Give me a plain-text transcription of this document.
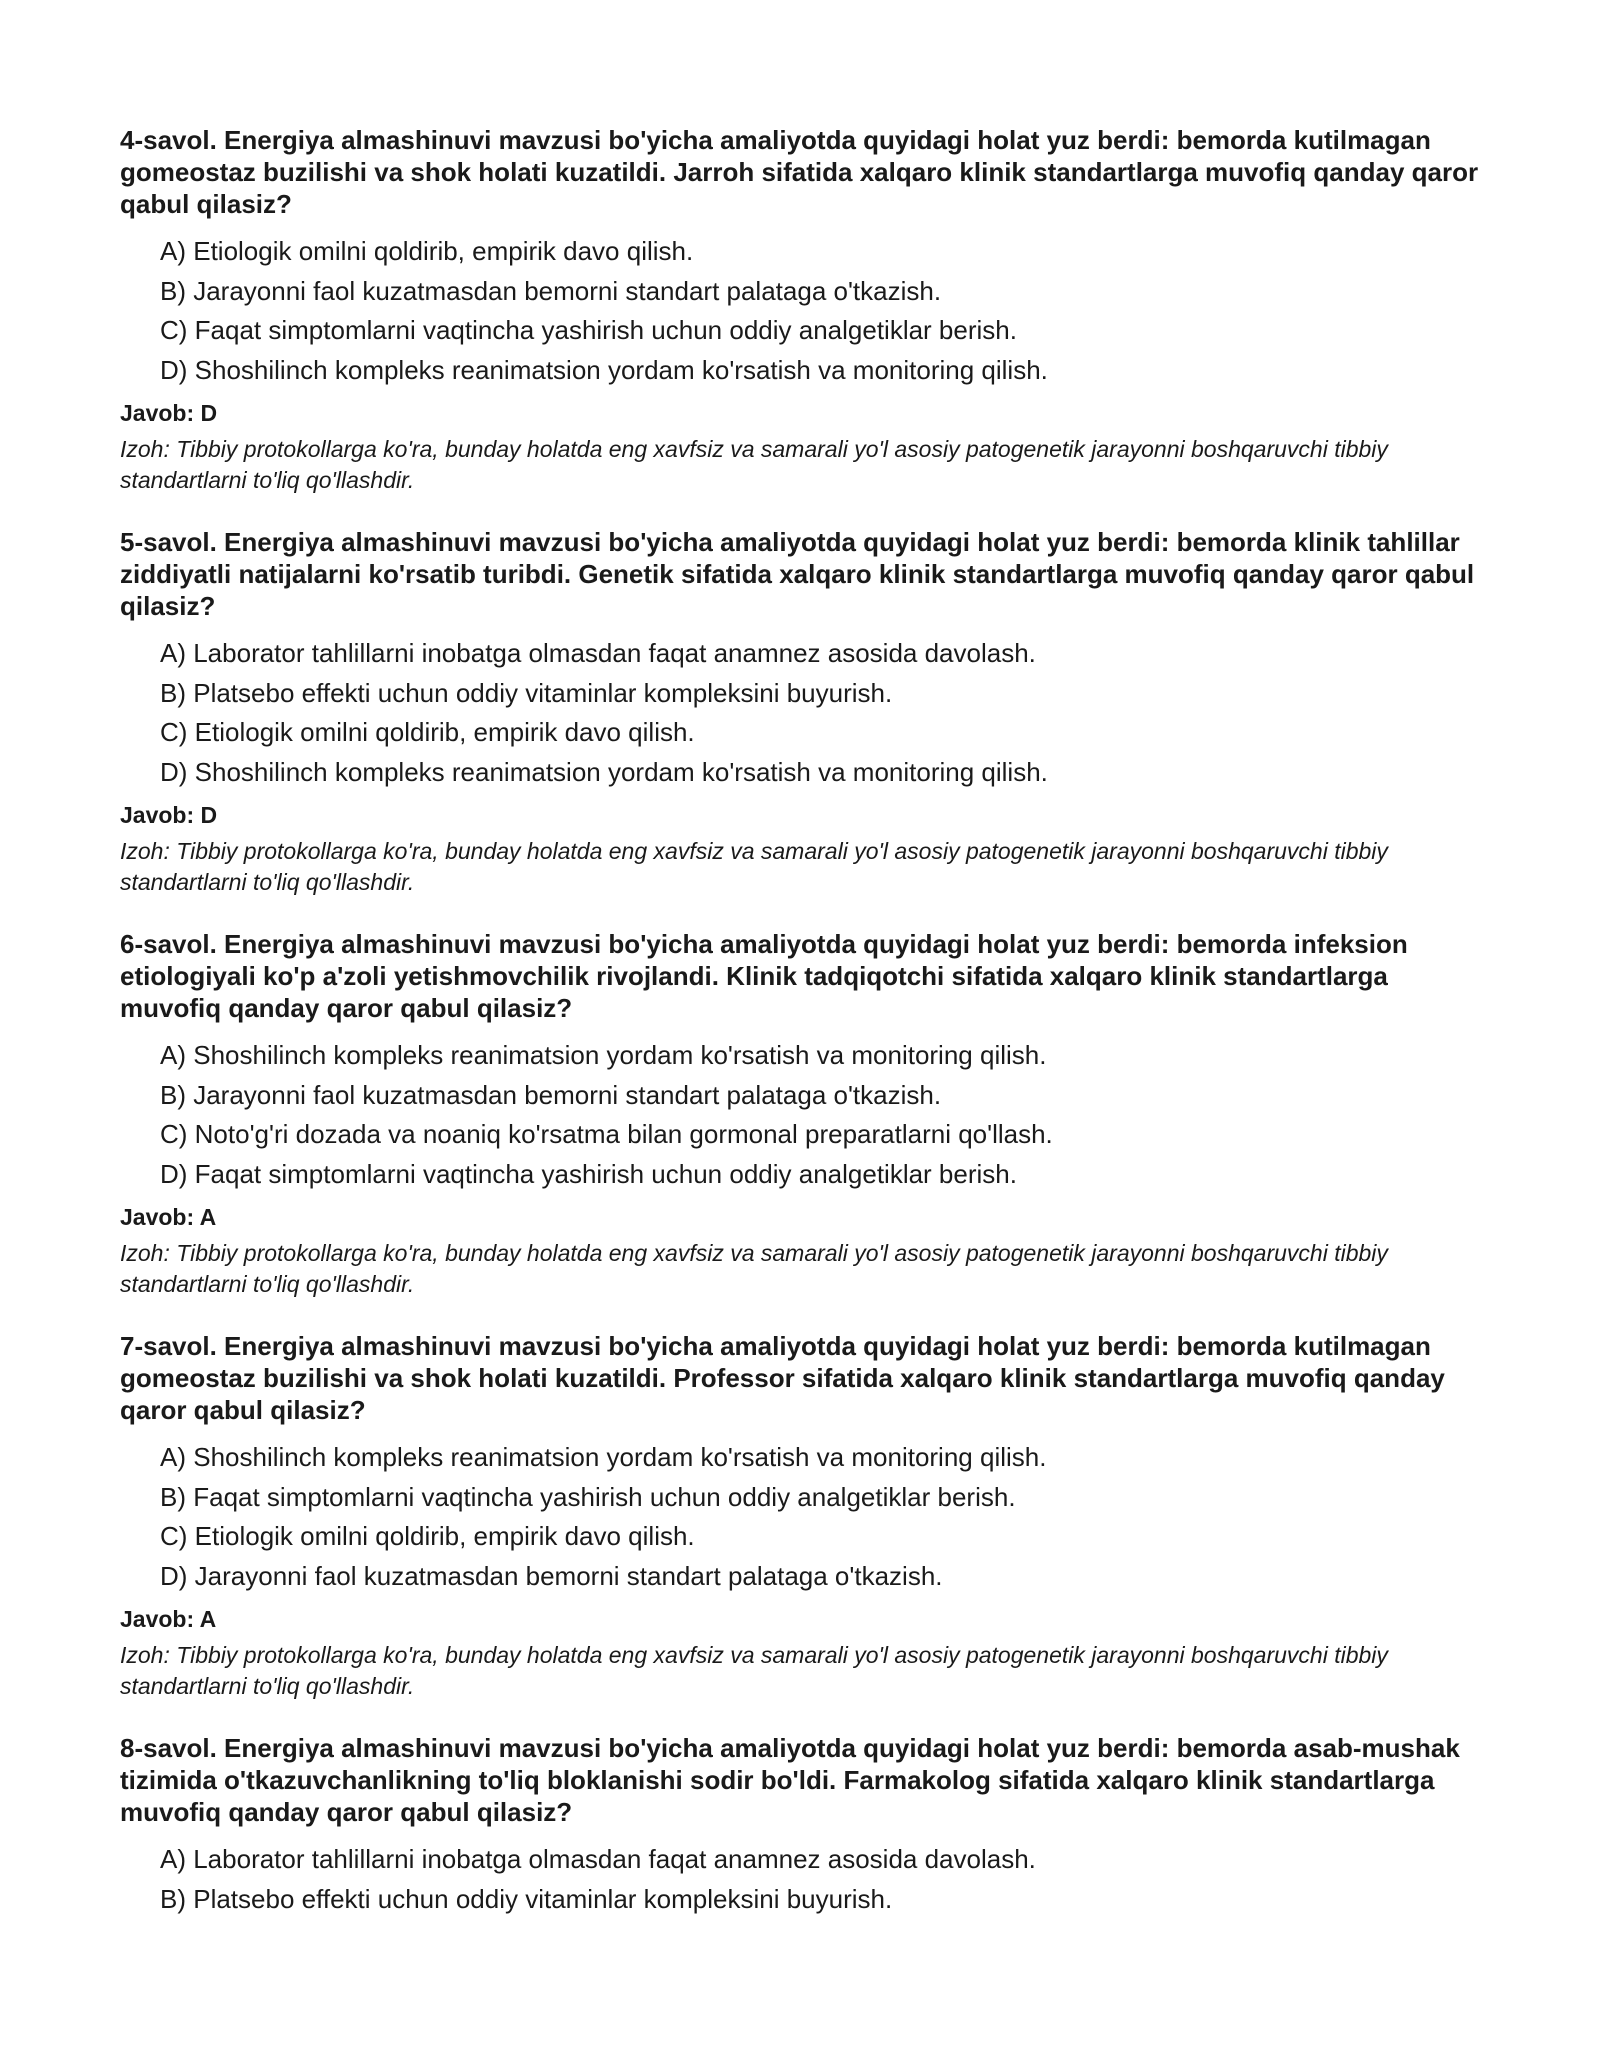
4-savol. Energiya almashinuvi mavzusi bo'yicha amaliyotda quyidagi holat yuz berdi: bemorda kutilmagan gomeostaz buzilishi va shok holati kuzatildi. Jarroh sifatida xalqaro klinik standartlarga muvofiq qanday qaror qabul qilasiz?

A) Etiologik omilni qoldirib, empirik davo qilish.
B) Jarayonni faol kuzatmasdan bemorni standart palataga o'tkazish.
C) Faqat simptomlarni vaqtincha yashirish uchun oddiy analgetiklar berish.
D) Shoshilinch kompleks reanimatsion yordam ko'rsatish va monitoring qilish.

Javob: D

Izoh: Tibbiy protokollarga ko'ra, bunday holatda eng xavfsiz va samarali yo'l asosiy patogenetik jarayonni boshqaruvchi tibbiy standartlarni to'liq qo'llashdir.

5-savol. Energiya almashinuvi mavzusi bo'yicha amaliyotda quyidagi holat yuz berdi: bemorda klinik tahlillar ziddiyatli natijalarni ko'rsatib turibdi. Genetik sifatida xalqaro klinik standartlarga muvofiq qanday qaror qabul qilasiz?

A) Laborator tahlillarni inobatga olmasdan faqat anamnez asosida davolash.
B) Platsebo effekti uchun oddiy vitaminlar kompleksini buyurish.
C) Etiologik omilni qoldirib, empirik davo qilish.
D) Shoshilinch kompleks reanimatsion yordam ko'rsatish va monitoring qilish.

Javob: D

Izoh: Tibbiy protokollarga ko'ra, bunday holatda eng xavfsiz va samarali yo'l asosiy patogenetik jarayonni boshqaruvchi tibbiy standartlarni to'liq qo'llashdir.

6-savol. Energiya almashinuvi mavzusi bo'yicha amaliyotda quyidagi holat yuz berdi: bemorda infeksion etiologiyali ko'p a'zoli yetishmovchilik rivojlandi. Klinik tadqiqotchi sifatida xalqaro klinik standartlarga muvofiq qanday qaror qabul qilasiz?

A) Shoshilinch kompleks reanimatsion yordam ko'rsatish va monitoring qilish.
B) Jarayonni faol kuzatmasdan bemorni standart palataga o'tkazish.
C) Noto'g'ri dozada va noaniq ko'rsatma bilan gormonal preparatlarni qo'llash.
D) Faqat simptomlarni vaqtincha yashirish uchun oddiy analgetiklar berish.

Javob: A

Izoh: Tibbiy protokollarga ko'ra, bunday holatda eng xavfsiz va samarali yo'l asosiy patogenetik jarayonni boshqaruvchi tibbiy standartlarni to'liq qo'llashdir.

7-savol. Energiya almashinuvi mavzusi bo'yicha amaliyotda quyidagi holat yuz berdi: bemorda kutilmagan gomeostaz buzilishi va shok holati kuzatildi. Professor sifatida xalqaro klinik standartlarga muvofiq qanday qaror qabul qilasiz?

A) Shoshilinch kompleks reanimatsion yordam ko'rsatish va monitoring qilish.
B) Faqat simptomlarni vaqtincha yashirish uchun oddiy analgetiklar berish.
C) Etiologik omilni qoldirib, empirik davo qilish.
D) Jarayonni faol kuzatmasdan bemorni standart palataga o'tkazish.

Javob: A

Izoh: Tibbiy protokollarga ko'ra, bunday holatda eng xavfsiz va samarali yo'l asosiy patogenetik jarayonni boshqaruvchi tibbiy standartlarni to'liq qo'llashdir.

8-savol. Energiya almashinuvi mavzusi bo'yicha amaliyotda quyidagi holat yuz berdi: bemorda asab-mushak tizimida o'tkazuvchanlikning to'liq bloklanishi sodir bo'ldi. Farmakolog sifatida xalqaro klinik standartlarga muvofiq qanday qaror qabul qilasiz?

A) Laborator tahlillarni inobatga olmasdan faqat anamnez asosida davolash.
B) Platsebo effekti uchun oddiy vitaminlar kompleksini buyurish.
